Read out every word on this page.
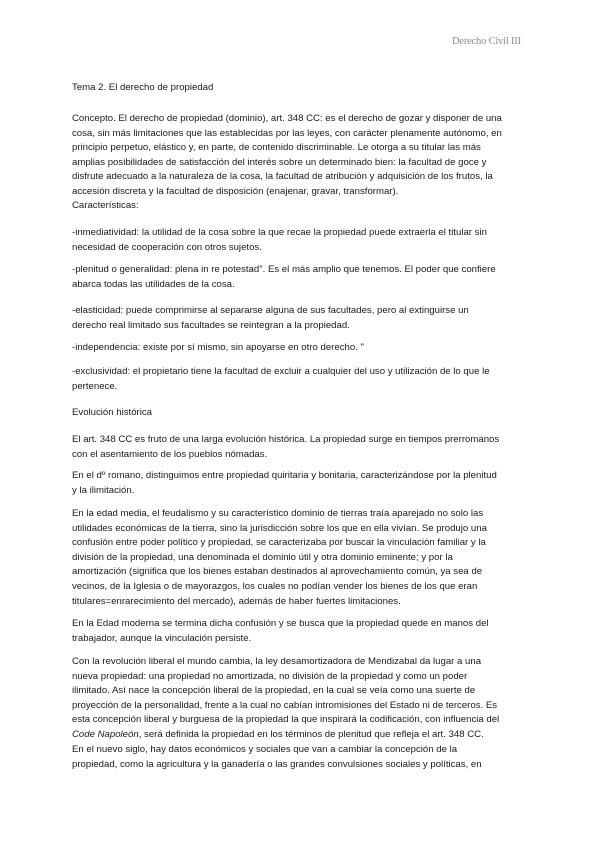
Derecho Civil III
Tema 2. El derecho de propiedad
Concepto. El derecho de propiedad (dominio), art. 348 CC: es el derecho de gozar y disponer de una
cosa, sin más limitaciones que las establecidas por las leyes, con carácter plenamente autónomo, en
principio perpetuo, elástico y, en parte, de contenido discriminable. Le otorga a su titular las más
amplias posibilidades de satisfacción del interés sobre un determinado bien: la facultad de goce y
disfrute adecuado a la naturaleza de la cosa, la facultad de atribución y adquisición de los frutos, la
accesión discreta y la facultad de disposición (enajenar, gravar, transformar).
Características:
-inmediatividad: la utilidad de la cosa sobre la que recae la propiedad puede extraerla el titular sin
necesidad de cooperación con otros sujetos.
-plenitud o generalidad: plena in re potestad". Es el más amplio que tenemos. El poder que confiere
abarca todas las utilidades de la cosa.
-elasticidad: puede comprimirse al separarse alguna de sus facultades, pero al extinguirse un
derecho real limitado sus facultades se reintegran a la propiedad.
-independencia: existe por sí mismo, sin apoyarse en otro derecho. "
-exclusividad: el propietario tiene la facultad de excluir a cualquier del uso y utilización de lo que le
pertenece.
Evolución histórica
El art. 348 CC es fruto de una larga evolución histórica. La propiedad surge en tiempos prerromanos
con el asentamiento de los pueblos nómadas.
En el dº romano, distinguimos entre propiedad quiritaria y bonitaria, caracterizándose por la plenitud
y la ilimitación.
En la edad media, el feudalismo y su característico dominio de tierras traía aparejado no solo las
utilidades económicas de la tierra, sino la jurisdicción sobre los que en ella vivían. Se produjo una
confusión entre poder político y propiedad, se caracterizaba por buscar la vinculación familiar y la
división de la propiedad, una denominada el dominio útil y otra dominio eminente; y por la
amortización (significa que los bienes estaban destinados al aprovechamiento común, ya sea de
vecinos, de la Iglesia o de mayorazgos, los cuales no podían vender los bienes de los que eran
titulares=enrarecimiento del mercado), además de haber fuertes limitaciones.
En la Edad moderna se termina dicha confusión y se busca que la propiedad quede en manos del
trabajador, aunque la vinculación persiste.
Con la revolución liberal el mundo cambia, la ley desamortizadora de Mendizabal da lugar a una
nueva propiedad: una propiedad no amortizada, no división de la propiedad y como un poder
ilimitado. Así nace la concepción liberal de la propiedad, en la cual se veía como una suerte de
proyección de la personalidad, frente a la cual no cabían intromisiones del Estado ni de terceros. Es
esta concepción liberal y burguesa de la propiedad la que inspirará la codificación, con influencia del
Code Napoleón, será definida la propiedad en los términos de plenitud que refleja el art. 348 CC.
En el nuevo siglo, hay datos económicos y sociales que van a cambiar la concepción de la
propiedad, como la agricultura y la ganadería o las grandes convulsiones sociales y políticas, en
